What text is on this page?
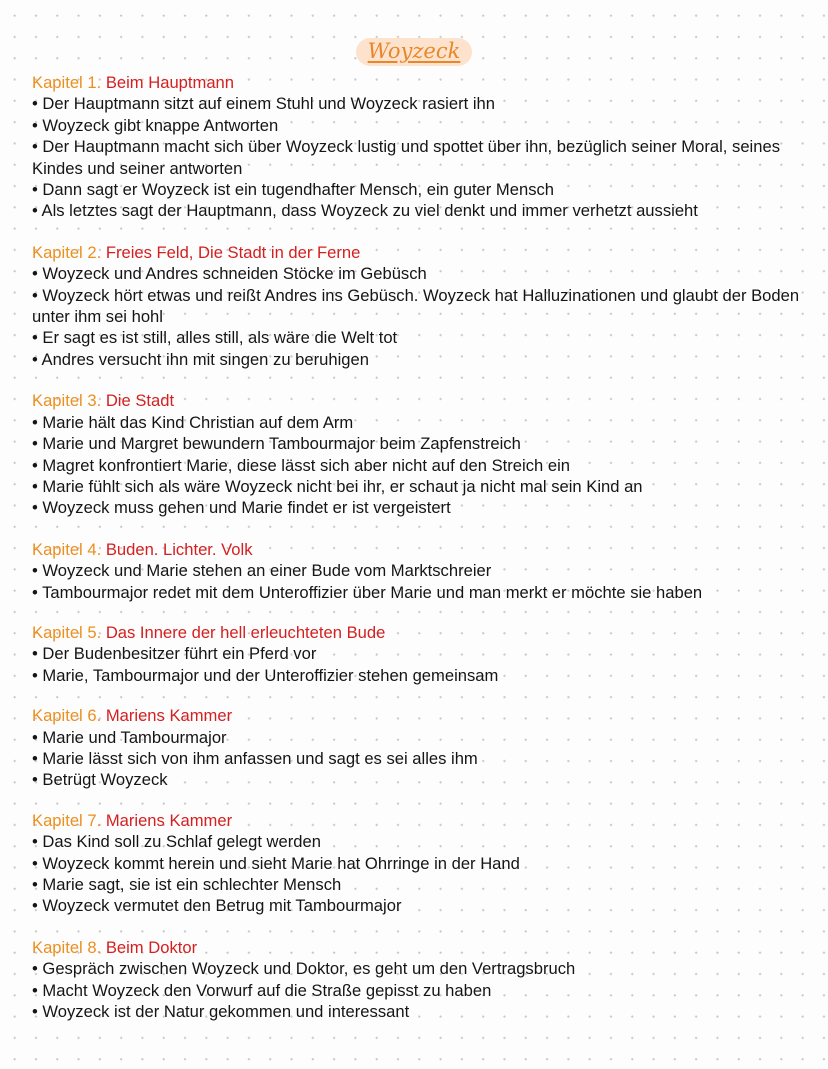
Woyzeck
Kapitel 1. Beim Hauptmann
• Der Hauptmann sitzt auf einem Stuhl und Woyzeck rasiert ihn
• Woyzeck gibt knappe Antworten
• Der Hauptmann macht sich über Woyzeck lustig und spottet über ihn, bezüglich seiner Moral, seines Kindes und seiner antworten
• Dann sagt er Woyzeck ist ein tugendhafter Mensch, ein guter Mensch
• Als letztes sagt der Hauptmann, dass Woyzeck zu viel denkt und immer verhetzt aussieht
Kapitel 2. Freies Feld, Die Stadt in der Ferne
• Woyzeck und Andres schneiden Stöcke im Gebüsch
• Woyzeck hört etwas und reißt Andres ins Gebüsch. Woyzeck hat Halluzinationen und glaubt der Boden unter ihm sei hohl
• Er sagt es ist still, alles still, als wäre die Welt tot
• Andres versucht ihn mit singen zu beruhigen
Kapitel 3. Die Stadt
• Marie hält das Kind Christian auf dem Arm
• Marie und Margret bewundern Tambourmajor beim Zapfenstreich
• Magret konfrontiert Marie, diese lässt sich aber nicht auf den Streich ein
• Marie fühlt sich als wäre Woyzeck nicht bei ihr, er schaut ja nicht mal sein Kind an
• Woyzeck muss gehen und Marie findet er ist vergeistert
Kapitel 4. Buden. Lichter. Volk
• Woyzeck und Marie stehen an einer Bude vom Marktschreier
• Tambourmajor redet mit dem Unteroffizier über Marie und man merkt er möchte sie haben
Kapitel 5. Das Innere der hell erleuchteten Bude
• Der Budenbesitzer führt ein Pferd vor
• Marie, Tambourmajor und der Unteroffizier stehen gemeinsam
Kapitel 6. Mariens Kammer
• Marie und Tambourmajor
• Marie lässt sich von ihm anfassen und sagt es sei alles ihm
• Betrügt Woyzeck
Kapitel 7. Mariens Kammer
• Das Kind soll zu Schlaf gelegt werden
• Woyzeck kommt herein und sieht Marie hat Ohrringe in der Hand
• Marie sagt, sie ist ein schlechter Mensch
• Woyzeck vermutet den Betrug mit Tambourmajor
Kapitel 8. Beim Doktor
• Gespräch zwischen Woyzeck und Doktor, es geht um den Vertragsbruch
• Macht Woyzeck den Vorwurf auf die Straße gepisst zu haben
• Woyzeck ist der Natur gekommen und interessant
